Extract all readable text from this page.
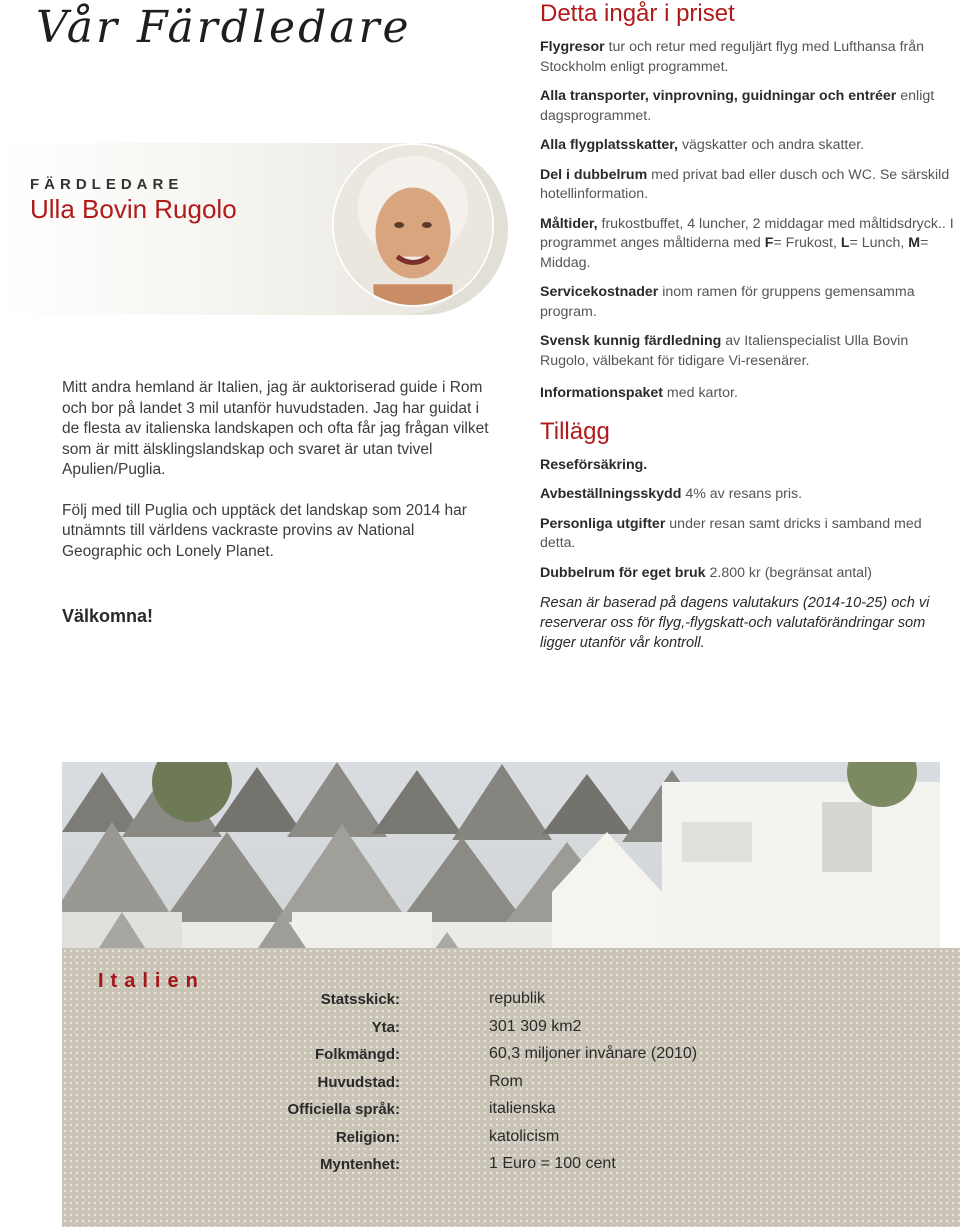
Vår Färdledare
FÄRDLEDARE
Ulla Bovin Rugolo

Mitt andra hemland är Italien, jag är auktoriserad guide i Rom och bor på landet 3 mil utanför huvudstaden. Jag har guidat i de flesta av italienska landskapen och ofta får jag frågan vilket som är mitt älsklingslandskap och svaret är utan tvivel Apulien/Puglia.

Följ med till Puglia och upptäck det landskap som 2014 har utnämnts till världens vackraste provins av National Geographic och Lonely Planet.

Välkomna!
Detta ingår i priset

Flygresor tur och retur med reguljärt flyg med Lufthansa från Stockholm enligt programmet.

Alla transporter, vinprovning, guidningar och entréer enligt dagsprogrammet.

Alla flygplatsskatter, vägskatter och andra skatter.

Del i dubbelrum med privat bad eller dusch och WC. Se särskild hotellinformation.

Måltider, frukostbuffet, 4 luncher, 2 middagar med måltidsdryck.. I programmet anges måltiderna med F= Frukost, L= Lunch, M= Middag.

Servicekostnader inom ramen för gruppens gemensamma program.

Svensk kunnig färdledning av Italienspecialist Ulla Bovin Rugolo, välbekant för tidigare Vi-resenärer.

Informationspaket med kartor.

Tillägg

Reseförsäkring.

Avbeställningsskydd 4% av resans pris.

Personliga utgifter under resan samt dricks i samband med detta.

Dubbelrum för eget bruk 2.800 kr (begränsat antal)

Resan är baserad på dagens valutakurs (2014-10-25) och vi reserverar oss för flyg,-flygskatt-och valutaförändringar som ligger utanför vår kontroll.

Statsskick:	republik
Yta:	301 309 km2
Folkmängd:	60,3 miljoner invånare (2010)
Huvudstad:	Rom
Officiella språk:	italienska
Religion:	katolicism
Myntenhet:	1 Euro = 100 cent
Italien
